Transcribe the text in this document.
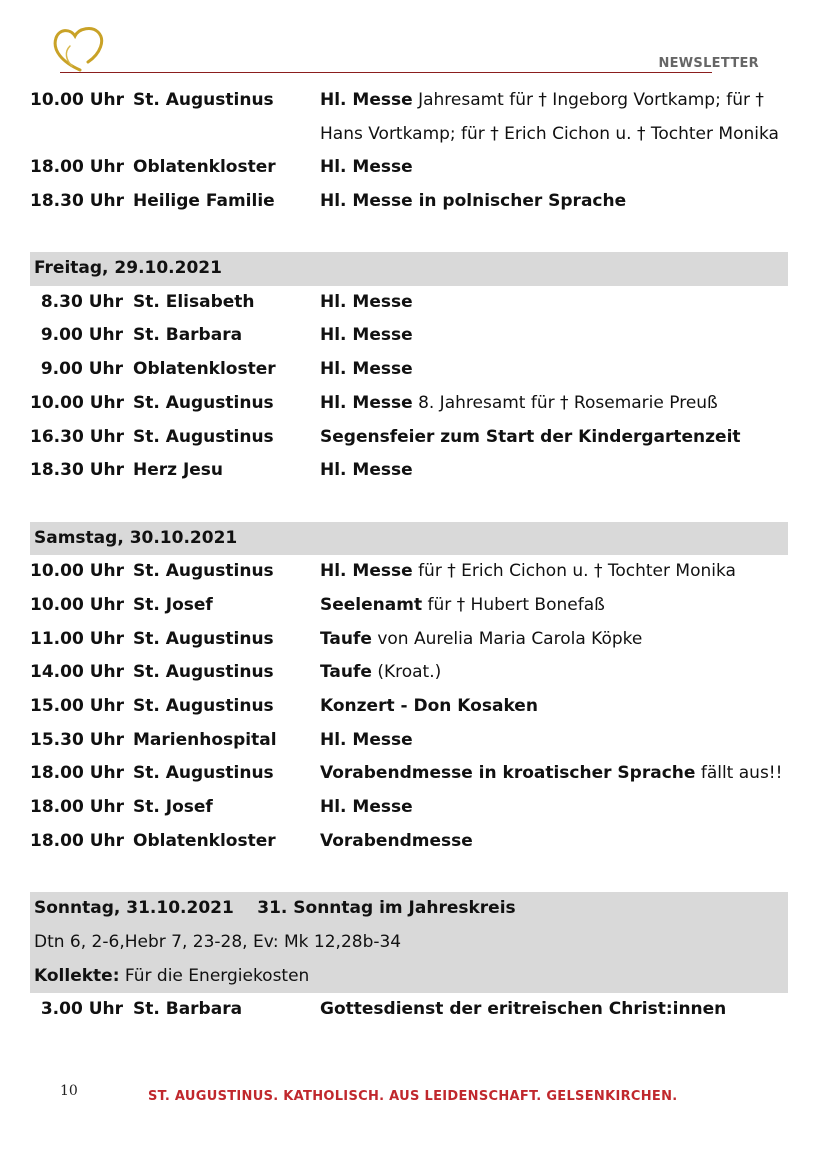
NEWSLETTER
10.00 Uhr St. Augustinus	Hl. Messe Jahresamt für † Ingeborg Vortkamp; für † Hans Vortkamp; für † Erich Cichon u. † Tochter Monika
18.00 Uhr Oblatenkloster	Hl. Messe
18.30 Uhr Heilige Familie	Hl. Messe in polnischer Sprache
Freitag, 29.10.2021
8.30 Uhr St. Elisabeth	Hl. Messe
9.00 Uhr St. Barbara	Hl. Messe
9.00 Uhr Oblatenkloster	Hl. Messe
10.00 Uhr St. Augustinus	Hl. Messe 8. Jahresamt für † Rosemarie Preuß
16.30 Uhr St. Augustinus	Segensfeier zum Start der Kindergartenzeit
18.30 Uhr Herz Jesu	Hl. Messe
Samstag, 30.10.2021
10.00 Uhr St. Augustinus	Hl. Messe für † Erich Cichon u. † Tochter Monika
10.00 Uhr St. Josef	Seelenamt für † Hubert Bonefaß
11.00 Uhr St. Augustinus	Taufe von Aurelia Maria Carola Köpke
14.00 Uhr St. Augustinus	Taufe (Kroat.)
15.00 Uhr St. Augustinus	Konzert - Don Kosaken
15.30 Uhr Marienhospital	Hl. Messe
18.00 Uhr St. Augustinus	Vorabendmesse in kroatischer Sprache fällt aus!!
18.00 Uhr St. Josef	Hl. Messe
18.00 Uhr Oblatenkloster	Vorabendmesse
Sonntag, 31.10.2021 31. Sonntag im Jahreskreis
Dtn 6, 2-6,Hebr 7, 23-28, Ev: Mk 12,28b-34
Kollekte: Für die Energiekosten
3.00 Uhr St. Barbara	Gottesdienst der eritreischen Christ:innen
10	ST. AUGUSTINUS. KATHOLISCH. AUS LEIDENSCHAFT. GELSENKIRCHEN.
